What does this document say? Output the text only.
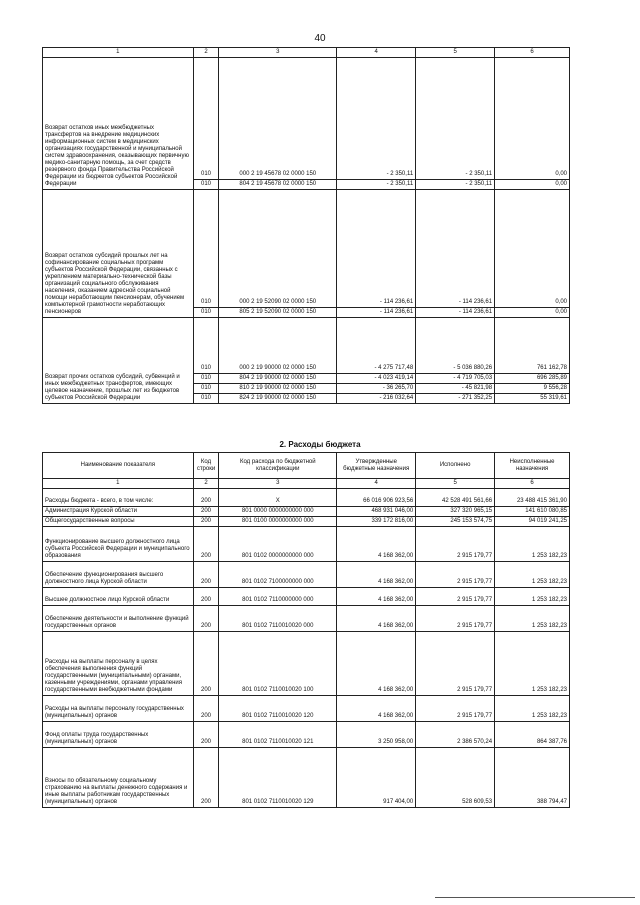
40
1	2	3	4	5	6
Возврат остатков иных межбюджетных трансфертов на внедрение медицинских информационных систем в медицинских организациях государственной и муниципальной систем здравоохранения, оказывающих первичную медико-санитарную помощь, за счет средств резервного фонда Правительства Российской Федерации из бюджетов субъектов Российской Федерации	010	000 2 19 45678 02 0000 150	- 2 350,11	- 2 350,11	0,00
	010	804 2 19 45678 02 0000 150	- 2 350,11	- 2 350,11	0,00
Возврат остатков субсидий прошлых лет на софинансирование социальных программ субъектов Российской Федерации, связанных с укреплением материально-технической базы организаций социального обслуживания населения, оказанием адресной социальной помощи неработающим пенсионерам, обучением компьютерной грамотности неработающих пенсионеров	010	000 2 19 52090 02 0000 150	- 114 236,61	- 114 236,61	0,00
	010	805 2 19 52090 02 0000 150	- 114 236,61	- 114 236,61	0,00
Возврат прочих остатков субсидий, субвенций и иных межбюджетных трансфертов, имеющих целевое назначение, прошлых лет из бюджетов субъектов Российской Федерации	010	000 2 19 90000 02 0000 150	- 4 275 717,48	- 5 036 880,26	761 162,78
	010	804 2 19 90000 02 0000 150	- 4 023 419,14	- 4 719 705,03	696 285,89
	010	810 2 19 90000 02 0000 150	- 36 265,70	- 45 821,98	9 556,28
	010	824 2 19 90000 02 0000 150	- 216 032,64	- 271 352,25	55 319,61
2. Расходы бюджета
Наименование показателя	Код строки	Код расхода по бюджетной классификации	Утвержденные бюджетные назначения	Исполнено	Неисполненные назначения
1	2	3	4	5	6
Расходы бюджета - всего, в том числе:	200	X	66 016 906 923,56	42 528 491 561,66	23 488 415 361,90
Администрация Курской области	200	801 0000 0000000000 000	468 931 046,00	327 320 965,15	141 610 080,85
Общегосударственные вопросы	200	801 0100 0000000000 000	339 172 816,00	245 153 574,75	94 019 241,25
Функционирование высшего должностного лица субъекта Российской Федерации и муниципального образования	200	801 0102 0000000000 000	4 168 362,00	2 915 179,77	1 253 182,23
Обеспечение функционирования высшего должностного лица Курской области	200	801 0102 7100000000 000	4 168 362,00	2 915 179,77	1 253 182,23
Высшее должностное лицо Курской области	200	801 0102 7110000000 000	4 168 362,00	2 915 179,77	1 253 182,23
Обеспечение деятельности и выполнение функций государственных органов	200	801 0102 7110010020 000	4 168 362,00	2 915 179,77	1 253 182,23
Расходы на выплаты персоналу в целях обеспечения выполнения функций государственными (муниципальными) органами, казенными учреждениями, органами управления государственными внебюджетными фондами	200	801 0102 7110010020 100	4 168 362,00	2 915 179,77	1 253 182,23
Расходы на выплаты персоналу государственных (муниципальных) органов	200	801 0102 7110010020 120	4 168 362,00	2 915 179,77	1 253 182,23
Фонд оплаты труда государственных (муниципальных) органов	200	801 0102 7110010020 121	3 250 958,00	2 386 570,24	864 387,76
Взносы по обязательному социальному страхованию на выплаты денежного содержания и иные выплаты работникам государственных (муниципальных) органов	200	801 0102 7110010020 129	917 404,00	528 609,53	388 794,47
